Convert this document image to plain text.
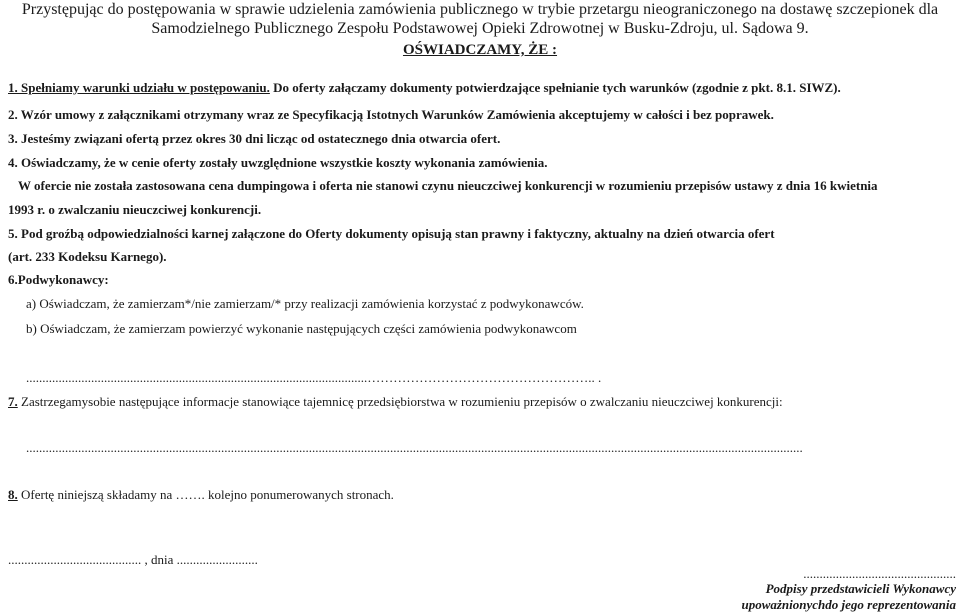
Przystępując do postępowania w sprawie udzielenia zamówienia publicznego w trybie przetargu nieograniczonego na dostawę szczepionek dla
Samodzielnego Publicznego Zespołu Podstawowej Opieki Zdrowotnej w Busku-Zdroju, ul. Sądowa 9.
OŚWIADCZAMY, ŻE :
1. Spełniamy warunki udziału w postępowaniu. Do oferty załączamy dokumenty potwierdzające spełnianie tych warunków (zgodnie z pkt. 8.1. SIWZ).
2. Wzór umowy z załącznikami otrzymany wraz ze Specyfikacją Istotnych Warunków Zamówienia akceptujemy w całości i bez poprawek.
3. Jesteśmy związani ofertą przez okres 30 dni licząc od ostatecznego dnia otwarcia ofert.
4. Oświadczamy, że w cenie oferty zostały uwzględnione wszystkie koszty wykonania zamówienia.
W ofercie nie została zastosowana cena dumpingowa i oferta nie stanowi czynu nieuczciwej konkurencji w rozumieniu przepisów ustawy z dnia 16 kwietnia
1993 r. o zwalczaniu nieuczciwej konkurencji.
5. Pod groźbą odpowiedzialności karnej załączone do Oferty dokumenty opisują stan prawny i faktyczny, aktualny na dzień otwarcia ofert
(art. 233 Kodeksu Karnego).
6.Podwykonawcy:
a) Oświadczam, że zamierzam*/nie zamierzam/* przy realizacji zamówienia korzystać z podwykonawców.
b) Oświadczam, że zamierzam powierzyć wykonanie następujących części zamówienia podwykonawcom
.........................................................................................................…………………………………………….. .
7. Zastrzegamysobie następujące informacje stanowiące tajemnicę przedsiębiorstwa w rozumieniu przepisów o zwalczaniu nieuczciwej konkurencji:
...............................................................................................................................................................................................................................................
8. Ofertę niniejszą składamy na ……. kolejno ponumerowanych stronach.
......................................... , dnia .........................
...............................................
Podpisy przedstawicieli Wykonawcy
upoważnionychdo jego reprezentowania
